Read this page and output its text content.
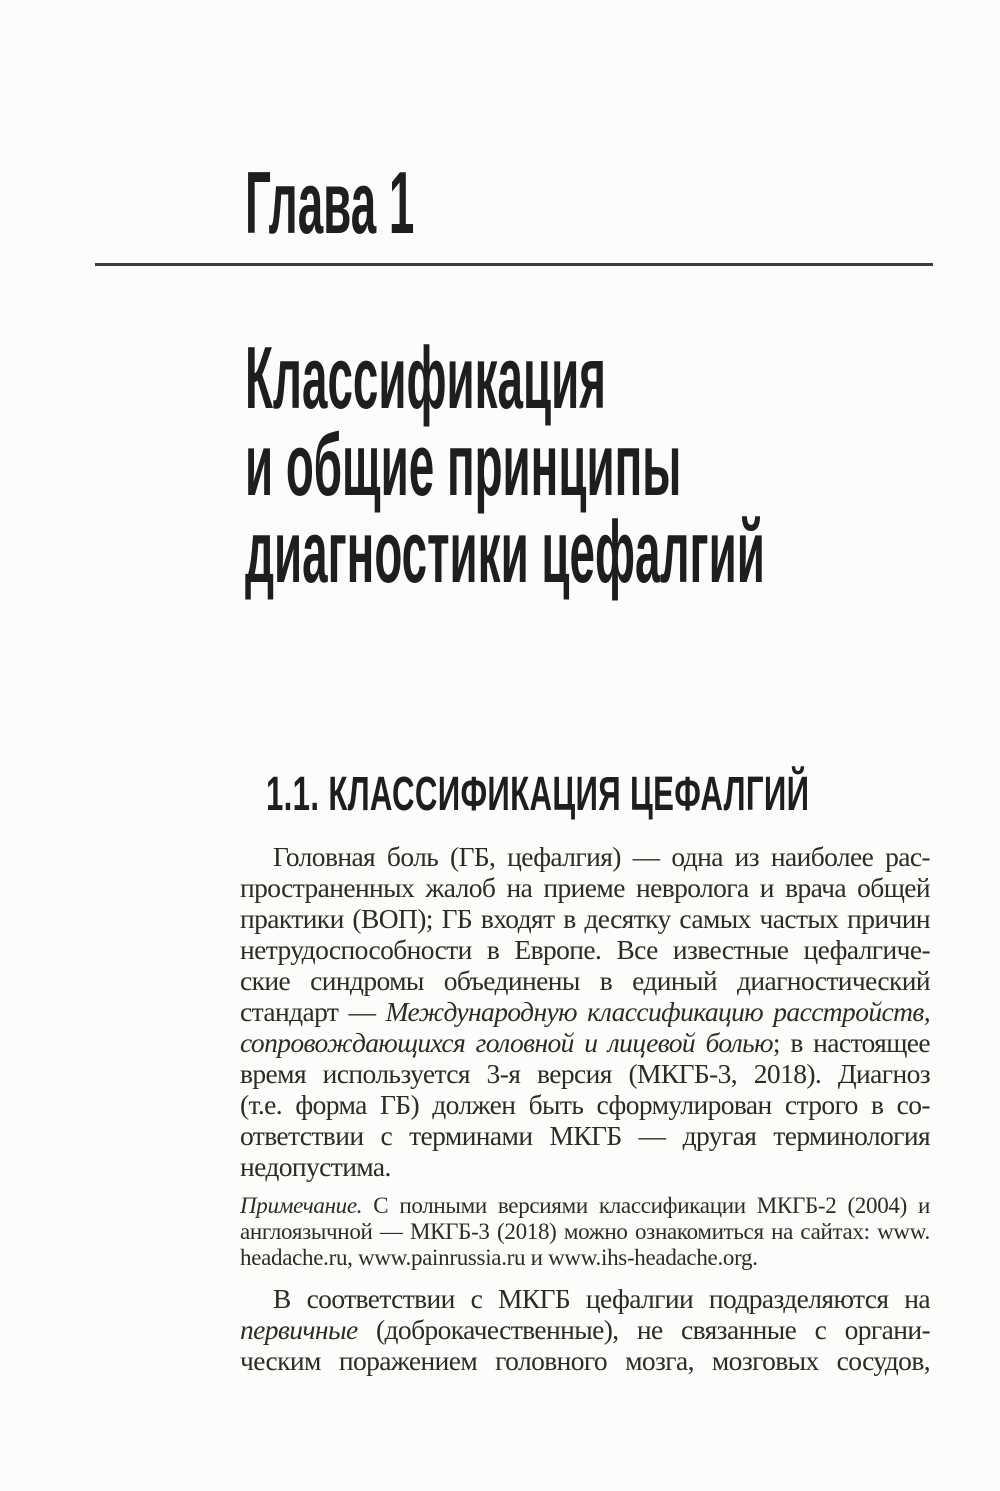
Глава 1
Классификация
и общие принципы
диагностики цефалгий
1.1. КЛАССИФИКАЦИЯ ЦЕФАЛГИЙ
Головная боль (ГБ, цефалгия) — одна из наиболее рас-
пространенных жалоб на приеме невролога и врача общей
практики (ВОП); ГБ входят в десятку самых частых причин
нетрудоспособности в Европе. Все известные цефалгиче-
ские синдромы объединены в единый диагностический
стандарт — Международную классификацию расстройств,
сопровождающихся головной и лицевой болью; в настоящее
время используется 3-я версия (МКГБ-3, 2018). Диагноз
(т.е. форма ГБ) должен быть сформулирован строго в со-
ответствии с терминами МКГБ — другая терминология
недопустима.
Примечание. С полными версиями классификации МКГБ-2 (2004) и
англоязычной — МКГБ-3 (2018) можно ознакомиться на сайтах: www.
headache.ru, www.painrussia.ru и www.ihs-headache.org.
В соответствии с МКГБ цефалгии подразделяются на
первичные (доброкачественные), не связанные с органи-
ческим поражением головного мозга, мозговых сосудов,
